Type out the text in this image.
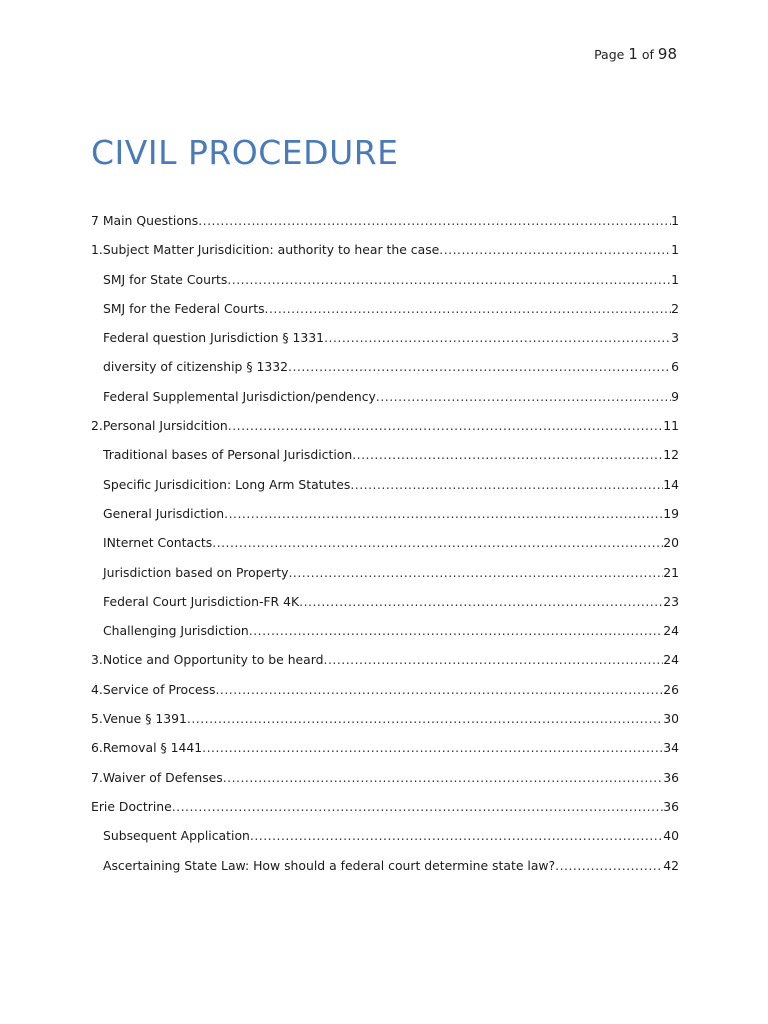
Page 1 of 98
CIVIL PROCEDURE
7 Main Questions .....	1
1.Subject Matter Jurisdicition: authority to hear the case .....	1
SMJ for State Courts .....	1
SMJ for the Federal Courts .....	2
Federal question Jurisdiction § 1331 .....	3
diversity of citizenship § 1332 .....	6
Federal Supplemental Jurisdiction/pendency .....	9
2.Personal Jursidcition .....	11
Traditional bases of Personal Jurisdiction .....	12
Specific Jurisdicition: Long Arm Statutes .....	14
General Jurisdiction .....	19
INternet Contacts .....	20
Jurisdiction based on Property .....	21
Federal Court Jurisdiction-FR 4K .....	23
Challenging Jurisdiction .....	24
3.Notice and Opportunity to be heard .....	24
4.Service of Process .....	26
5.Venue § 1391 .....	30
6.Removal § 1441 .....	34
7.Waiver of Defenses .....	36
Erie Doctrine .....	36
Subsequent Application .....	40
Ascertaining State Law: How should a federal court determine state law? .....	42
